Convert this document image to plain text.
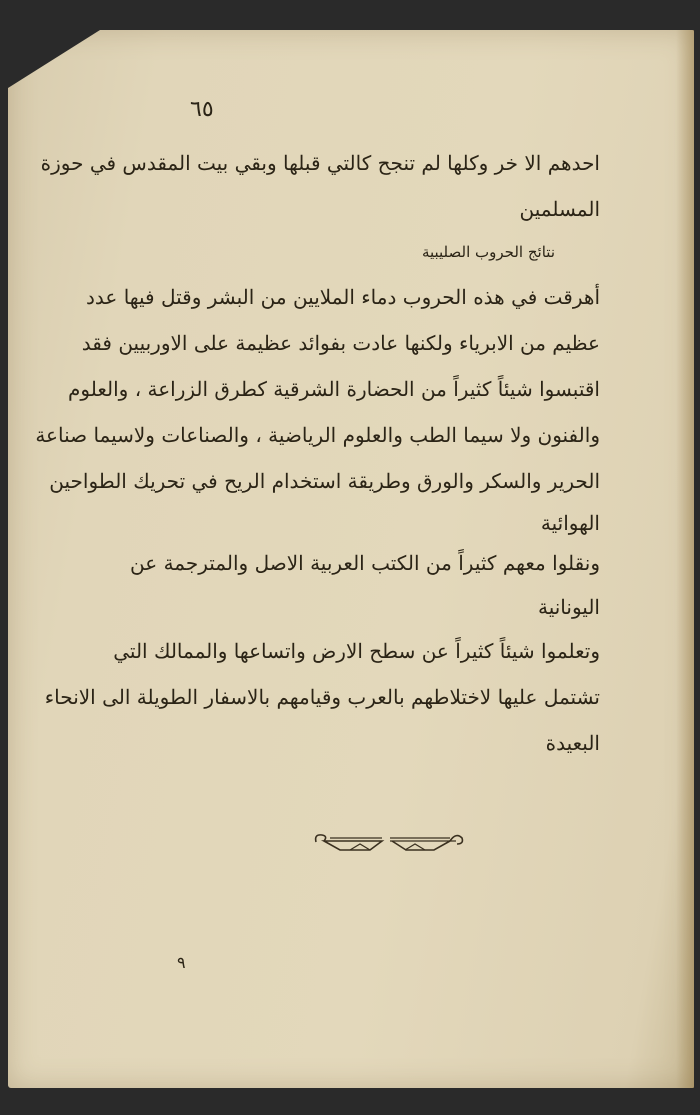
٦٥
احدهم الا خر وكلها لم تنجح كالتي قبلها وبقي بيت المقدس في حوزة
المسلمين
نتائج الحروب الصليبية
أهرقت في هذه الحروب دماء الملايين من البشر وقتل فيها عدد
عظيم من الابرياء ولكنها عادت بفوائد عظيمة على الاوربيين فقد
اقتبسوا شيئاً كثيراً من الحضارة الشرقية كطرق الزراعة ، والعلوم
والفنون ولا سيما الطب والعلوم الرياضية ، والصناعات ولاسيما صناعة
الحرير والسكر والورق وطريقة استخدام الريح في تحريك الطواحين
الهوائية
ونقلوا معهم كثيراً من الكتب العربية الاصل والمترجمة عن
اليونانية
وتعلموا شيئاً كثيراً عن سطح الارض واتساعها والممالك التي
تشتمل عليها لاختلاطهم بالعرب وقيامهم بالاسفار الطويلة الى الانحاء
البعيدة
٩
